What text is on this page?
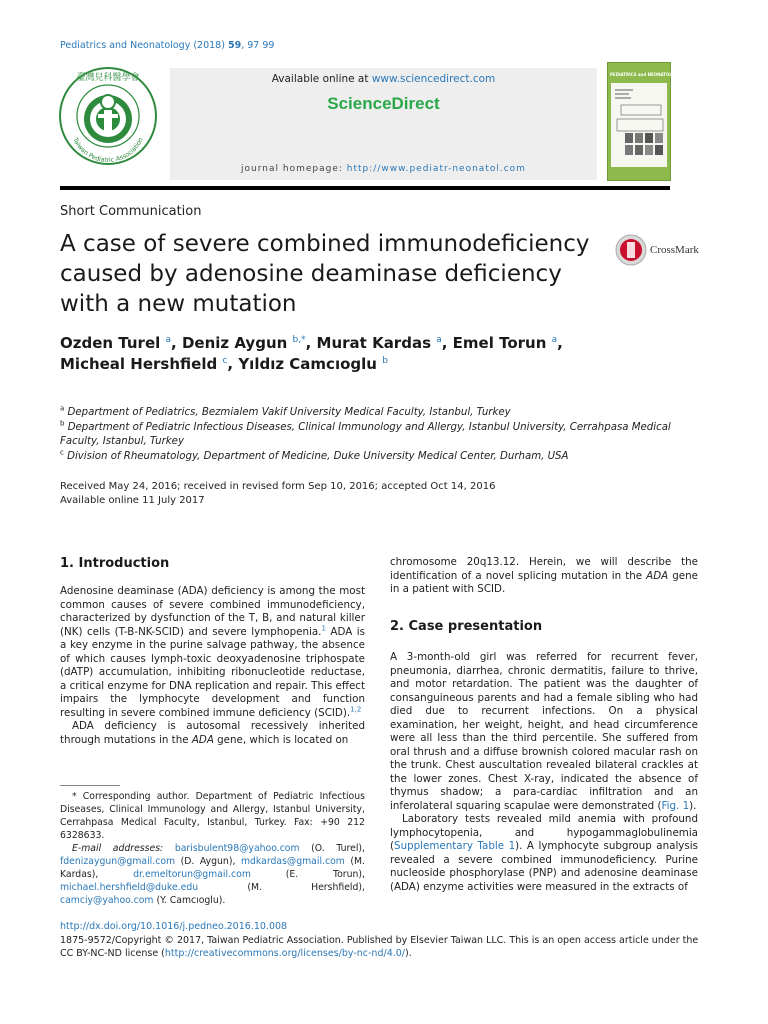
Pediatrics and Neonatology (2018) 59, 97 99
臺灣兒科醫學會
Taiwan Pediatric Association
Available online at www.sciencedirect.com
ScienceDirect
journal homepage: http://www.pediatr-neonatol.com
PEDIATRICS and NEONATOLOGY
Short Communication
A case of severe combined immunodeficiency caused by adenosine deaminase deficiency with a new mutation
CrossMark
Ozden Turel $^a$, Deniz Aygun $^{b,*}$, Murat Kardas $^a$, Emel Torun $^a$,
Micheal Hershfield $^c$, Yıldız Camcıoglu $^b$
$^a$ Department of Pediatrics, Bezmialem Vakif University Medical Faculty, Istanbul, Turkey
$^b$ Department of Pediatric Infectious Diseases, Clinical Immunology and Allergy, Istanbul University, Cerrahpasa Medical Faculty, Istanbul, Turkey
$^c$ Division of Rheumatology, Department of Medicine, Duke University Medical Center, Durham, USA
Received May 24, 2016; received in revised form Sep 10, 2016; accepted Oct 14, 2016
Available online 11 July 2017
1. Introduction

Adenosine deaminase (ADA) deficiency is among the most common causes of severe combined immunodeficiency, characterized by dysfunction of the T, B, and natural killer (NK) cells (T-B-NK-SCID) and severe lymphopenia.$^1$ ADA is a key enzyme in the purine salvage pathway, the absence of which causes lymph-toxic deoxyadenosine triphospate (dATP) accumulation, inhibiting ribonucleotide reductase, a critical enzyme for DNA replication and repair. This effect impairs the lymphocyte development and function resulting in severe combined immune deficiency (SCID).$^{1,2}$

ADA deficiency is autosomal recessively inherited through mutations in the ADA gene, which is located on

* Corresponding author. Department of Pediatric Infectious Diseases, Clinical Immunology and Allergy, Istanbul University, Cerrahpasa Medical Faculty, Istanbul, Turkey. Fax: +90 212 6328633.
E-mail addresses: barisbulent98@yahoo.com (O. Turel), fdenizaygun@gmail.com (D. Aygun), mdkardas@gmail.com (M. Kardas), dr.emeltorun@gmail.com (E. Torun), michael.hershfield@duke.edu (M. Hershfield), camciy@yahoo.com (Y. Camcıoglu).

chromosome 20q13.12. Herein, we will describe the identification of a novel splicing mutation in the ADA gene in a patient with SCID.

2. Case presentation

A 3-month-old girl was referred for recurrent fever, pneumonia, diarrhea, chronic dermatitis, failure to thrive, and motor retardation. The patient was the daughter of consanguineous parents and had a female sibling who had died due to recurrent infections. On a physical examination, her weight, height, and head circumference were all less than the third percentile. She suffered from oral thrush and a diffuse brownish colored macular rash on the trunk. Chest auscultation revealed bilateral crackles at the lower zones. Chest X-ray, indicated the absence of thymus shadow; a para-cardiac infiltration and an inferolateral squaring scapulae were demonstrated (Fig. 1).

Laboratory tests revealed mild anemia with profound lymphocytopenia, and hypogammaglobulinemia (Supplementary Table 1). A lymphocyte subgroup analysis revealed a severe combined immunodeficiency. Purine nucleoside phosphorylase (PNP) and adenosine deaminase (ADA) enzyme activities were measured in the extracts of

http://dx.doi.org/10.1016/j.pedneo.2016.10.008
1875-9572/Copyright © 2017, Taiwan Pediatric Association. Published by Elsevier Taiwan LLC. This is an open access article under the CC BY-NC-ND license (http://creativecommons.org/licenses/by-nc-nd/4.0/).
